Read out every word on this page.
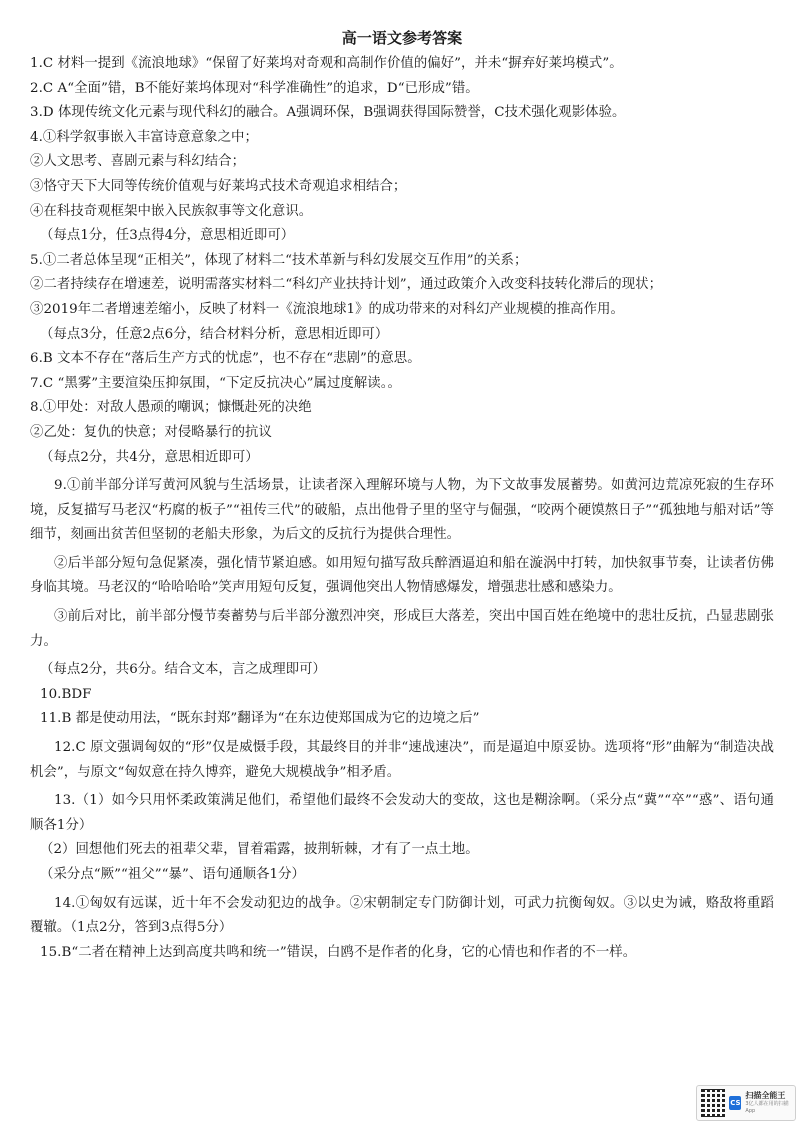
高一语文参考答案
1.C 材料一提到《流浪地球》“保留了好莱坞对奇观和高制作价值的偏好”，并未“摒弃好莱坞模式”。
2.C A“全面”错，B不能好莱坞体现对“科学准确性”的追求，D“已形成”错。
3.D 体现传统文化元素与现代科幻的融合。A强调环保，B强调获得国际赞誉，C技术强化观影体验。
4.①科学叙事嵌入丰富诗意意象之中；
②人文思考、喜剧元素与科幻结合；
③恪守天下大同等传统价值观与好莱坞式技术奇观追求相结合；
④在科技奇观框架中嵌入民族叙事等文化意识。
（每点1分，任3点得4分，意思相近即可）
5.①二者总体呈现“正相关”，体现了材料二“技术革新与科幻发展交互作用”的关系；
②二者持续存在增速差，说明需落实材料二“科幻产业扶持计划”，通过政策介入改变科技转化滞后的现状；
③2019年二者增速差缩小，反映了材料一《流浪地球1》的成功带来的对科幻产业规模的推高作用。
（每点3分，任意2点6分，结合材料分析，意思相近即可）
6.B 文本不存在“落后生产方式的忧虑”，也不存在“悲剧”的意思。
7.C “黑雾”主要渲染压抑氛围，“下定反抗决心”属过度解读。。
8.①甲处：对敌人愚顽的嘲讽；慷慨赴死的决绝
②乙处：复仇的快意；对侵略暴行的抗议
（每点2分，共4分，意思相近即可）
9.①前半部分详写黄河风貌与生活场景，让读者深入理解环境与人物，为下文故事发展蓄势。如黄河边荒凉死寂的生存环境，反复描写马老汉“朽腐的板子”“祖传三代”的破船，点出他骨子里的坚守与倔强，“咬两个硬馍熬日子”“孤独地与船对话”等细节，刻画出贫苦但坚韧的老船夫形象，为后文的反抗行为提供合理性。
②后半部分短句急促紧凑，强化情节紧迫感。如用短句描写敌兵醉酒逼迫和船在漩涡中打转，加快叙事节奏，让读者仿佛身临其境。马老汉的“哈哈哈哈”笑声用短句反复，强调他突出人物情感爆发，增强悲壮感和感染力。
③前后对比，前半部分慢节奏蓄势与后半部分激烈冲突，形成巨大落差，突出中国百姓在绝境中的悲壮反抗，凸显悲剧张力。
（每点2分，共6分。结合文本，言之成理即可）
10.BDF
11.B 都是使动用法，“既东封郑”翻译为“在东边使郑国成为它的边境之后”
12.C 原文强调匈奴的“形”仅是威慑手段，其最终目的并非“速战速决”，而是逼迫中原妥协。选项将“形”曲解为“制造决战机会”，与原文“匈奴意在持久博弈，避免大规模战争”相矛盾。
13.（1）如今只用怀柔政策满足他们，希望他们最终不会发动大的变故，这也是糊涂啊。（采分点“冀”“卒”“惑”、语句通顺各1分）
（2）回想他们死去的祖辈父辈，冒着霜露，披荆斩棘，才有了一点土地。
（采分点“厥”“祖父”“暴”、语句通顺各1分）
14.①匈奴有远谋，近十年不会发动犯边的战争。②宋朝制定专门防御计划，可武力抗衡匈奴。③以史为诫，赂敌将重蹈覆辙。（1点2分，答到3点得5分）
15.B“二者在精神上达到高度共鸣和统一”错误，白鸥不是作者的化身，它的心情也和作者的不一样。
CS
扫描全能王
3亿人都在用的扫描App
